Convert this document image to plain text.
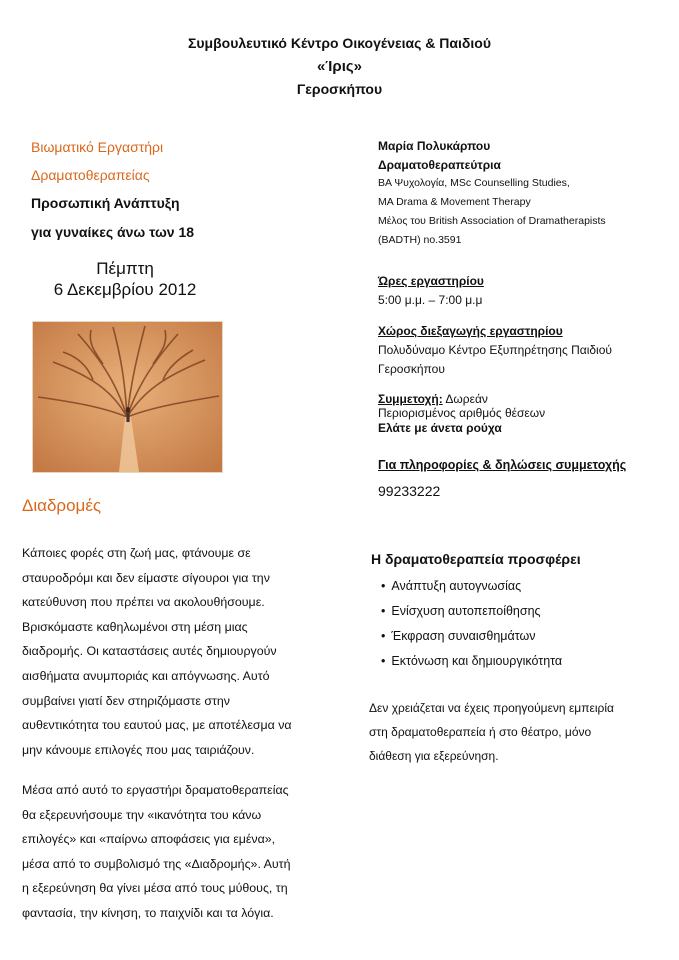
Συμβουλευτικό Κέντρο Οικογένειας & Παιδιού
«Ίρις»
Γεροσκήπου
Βιωματικό Εργαστήρι
Δραματοθεραπείας
Προσωπική Ανάπτυξη
για γυναίκες άνω των 18
Πέμπτη
6 Δεκεμβρίου 2012
Διαδρομές
Κάποιες φορές στη ζωή μας, φτάνουμε σε
σταυροδρόμι και δεν είμαστε σίγουροι για την
κατεύθυνση που πρέπει να ακολουθήσουμε.
Βρισκόμαστε καθηλωμένοι στη μέση μιας
διαδρομής. Οι καταστάσεις αυτές δημιουργούν
αισθήματα ανυμποριάς και απόγνωσης. Αυτό
συμβαίνει γιατί δεν στηριζόμαστε στην
αυθεντικότητα του εαυτού μας, με αποτέλεσμα να
μην κάνουμε επιλογές που μας ταιριάζουν.
Μέσα από αυτό το εργαστήρι δραματοθεραπείας
θα εξερευνήσουμε την «ικανότητα του κάνω
επιλογές» και «παίρνω αποφάσεις για εμένα»,
μέσα από το συμβολισμό της «Διαδρομής». Αυτή
η εξερεύνηση θα γίνει μέσα από τους μύθους, τη
φαντασία, την κίνηση, το παιχνίδι και τα λόγια.
Μαρία Πολυκάρπου
Δραματοθεραπεύτρια
BA Ψυχολογία, MSc Counselling Studies,
MA Drama & Movement Therapy
Μέλος του British Association of Dramatherapists
(BADTH) no.3591
Ώρες εργαστηρίου
5:00 μ.μ. – 7:00 μ.μ
Χώρος διεξαγωγής εργαστηρίου
Πολυδύναμο Κέντρο Εξυπηρέτησης Παιδιού
Γεροσκήπου
Συμμετοχή: Δωρεάν
Περιορισμένος αριθμός θέσεων
Ελάτε με άνετα ρούχα
Για πληροφορίες & δηλώσεις συμμετοχής
99233222
Η δραματοθεραπεία προσφέρει
• Ανάπτυξη αυτογνωσίας
• Ενίσχυση αυτοπεποίθησης
• Έκφραση συναισθημάτων
• Εκτόνωση και δημιουργικότητα
Δεν χρειάζεται να έχεις προηγούμενη εμπειρία
στη δραματοθεραπεία ή στο θέατρο, μόνο
διάθεση για εξερεύνηση.
